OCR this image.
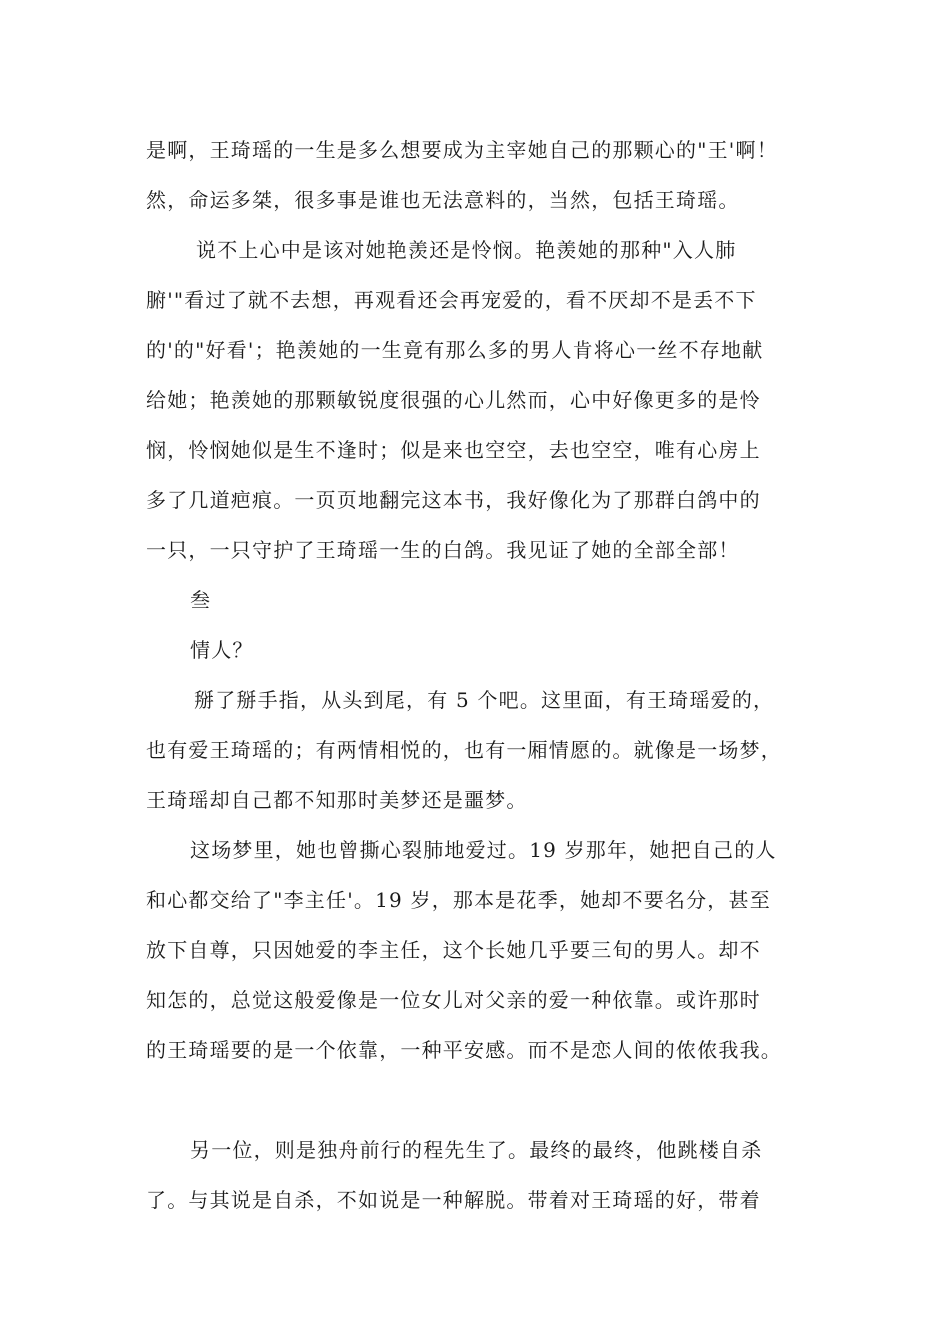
是啊，王琦瑶的一生是多么想要成为主宰她自己的那颗心的"王'啊！
然，命运多桀，很多事是谁也无法意料的，当然，包括王琦瑶。
说不上心中是该对她艳羡还是怜悯。艳羡她的那种"入人肺
腑'"看过了就不去想，再观看还会再宠爱的，看不厌却不是丢不下
的'的"好看'；艳羡她的一生竟有那么多的男人肯将心一丝不存地献
给她；艳羡她的那颗敏锐度很强的心儿然而，心中好像更多的是怜
悯，怜悯她似是生不逢时；似是来也空空，去也空空，唯有心房上
多了几道疤痕。一页页地翻完这本书，我好像化为了那群白鸽中的
一只，一只守护了王琦瑶一生的白鸽。我见证了她的全部全部！
叁
情人？
掰了掰手指，从头到尾，有 5 个吧。这里面，有王琦瑶爱的，
也有爱王琦瑶的；有两情相悦的，也有一厢情愿的。就像是一场梦，
王琦瑶却自己都不知那时美梦还是噩梦。
这场梦里，她也曾撕心裂肺地爱过。19 岁那年，她把自己的人
和心都交给了"李主任'。19 岁，那本是花季，她却不要名分，甚至
放下自尊，只因她爱的李主任，这个长她几乎要三旬的男人。却不
知怎的，总觉这般爱像是一位女儿对父亲的爱一种依靠。或许那时
的王琦瑶要的是一个依靠，一种平安感。而不是恋人间的侬侬我我。
另一位，则是独舟前行的程先生了。最终的最终，他跳楼自杀
了。与其说是自杀，不如说是一种解脱。带着对王琦瑶的好，带着
